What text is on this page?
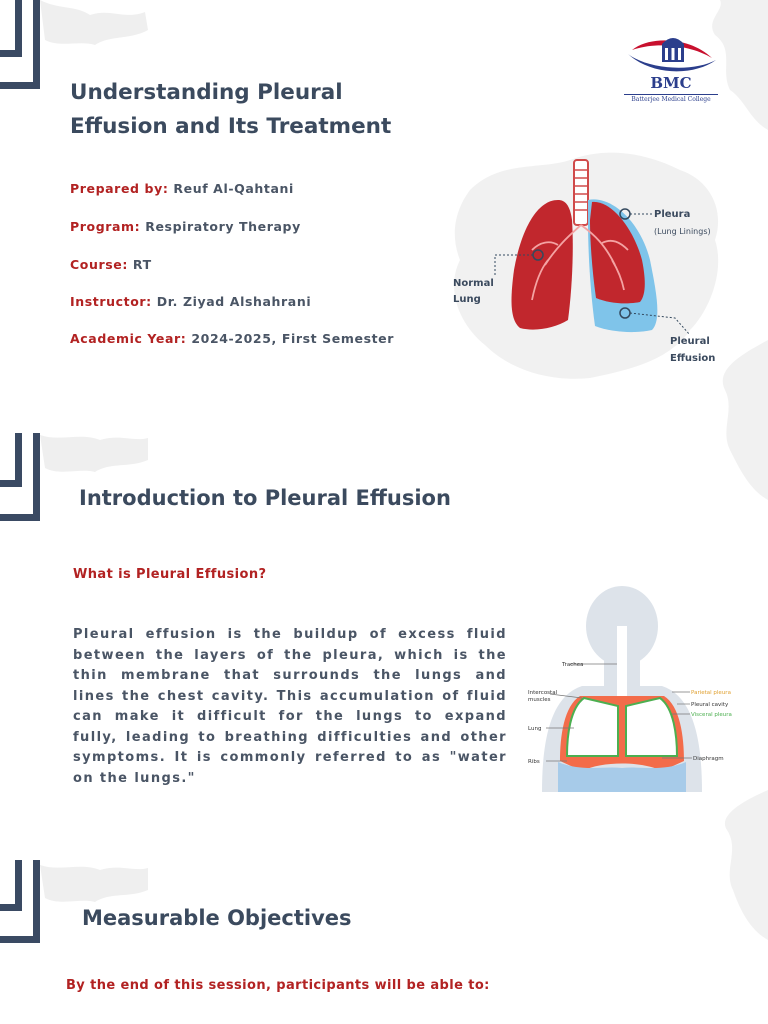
Understanding Pleural
Effusion and Its Treatment
BMC
Batterjee Medical College
Prepared by: Reuf Al-Qahtani
Program: Respiratory Therapy
Course: RT
Instructor: Dr. Ziyad Alshahrani
Academic Year: 2024-2025, First Semester
Pleura
(Lung Linings)
Normal
Lung
Pleural
Effusion
Introduction to Pleural Effusion
What is Pleural Effusion?

Pleural effusion is the buildup of excess fluid between the layers of the pleura, which is the thin membrane that surrounds the lungs and lines the chest cavity. This accumulation of fluid can make it difficult for the lungs to expand fully, leading to breathing difficulties and other symptoms. It is commonly referred to as "water on the lungs."

Trachea
Intercostal
muscles
Lung
Ribs
Parietal pleura
Pleural cavity
Visceral pleura
Diaphragm
Measurable Objectives
By the end of this session, participants will be able to:
